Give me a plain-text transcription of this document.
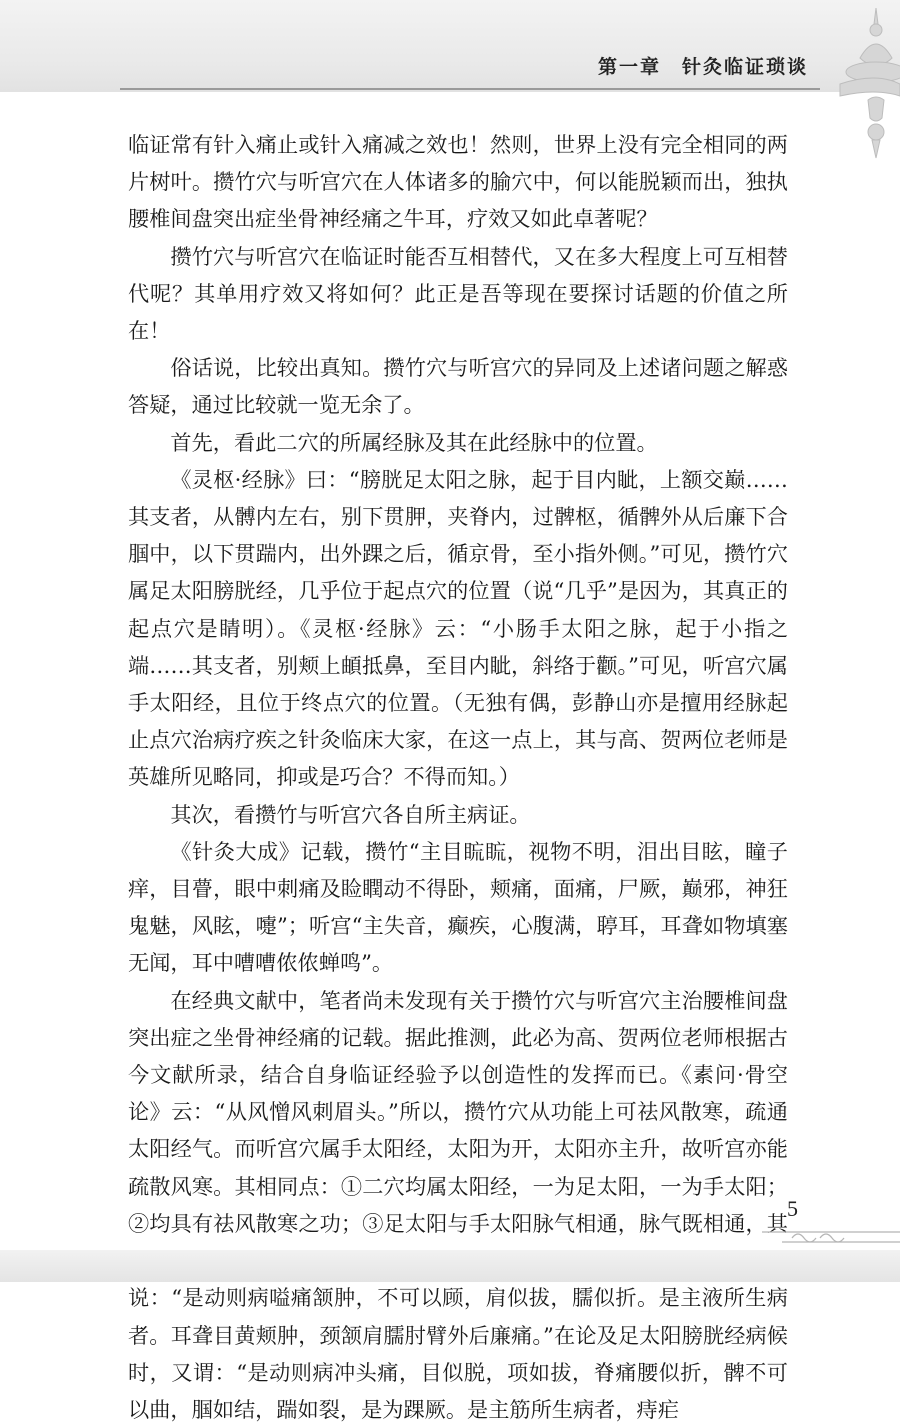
第一章　针灸临证琐谈

临证常有针入痛止或针入痛减之效也！然则，世界上没有完全相同的两片树叶。攒竹穴与听宫穴在人体诸多的腧穴中，何以能脱颖而出，独执腰椎间盘突出症坐骨神经痛之牛耳，疗效又如此卓著呢？

攒竹穴与听宫穴在临证时能否互相替代，又在多大程度上可互相替代呢？其单用疗效又将如何？此正是吾等现在要探讨话题的价值之所在！

俗话说，比较出真知。攒竹穴与听宫穴的异同及上述诸问题之解惑答疑，通过比较就一览无余了。

首先，看此二穴的所属经脉及其在此经脉中的位置。

《灵枢·经脉》曰：“膀胱足太阳之脉，起于目内眦，上额交巅……其支者，从髆内左右，别下贯胛，夹脊内，过髀枢，循髀外从后廉下合腘中，以下贯踹内，出外踝之后，循京骨，至小指外侧。”可见，攒竹穴属足太阳膀胱经，几乎位于起点穴的位置（说“几乎”是因为，其真正的起点穴是睛明）。《灵枢·经脉》云：“小肠手太阳之脉，起于小指之端……其支者，别颊上頔抵鼻，至目内眦，斜络于颧。”可见，听宫穴属手太阳经，且位于终点穴的位置。（无独有偶，彭静山亦是擅用经脉起止点穴治病疗疾之针灸临床大家，在这一点上，其与高、贺两位老师是英雄所见略同，抑或是巧合？不得而知。）

其次，看攒竹与听宫穴各自所主病证。

《针灸大成》记载，攒竹“主目䀮䀮，视物不明，泪出目眩，瞳子痒，目瞢，眼中刺痛及睑瞤动不得卧，颊痛，面痛，尸厥，巅邪，神狂鬼魅，风眩，嚏”；听宫“主失音，癫疾，心腹满，聤耳，耳聋如物填塞无闻，耳中嘈嘈侬侬蝉鸣”。

在经典文献中，笔者尚未发现有关于攒竹穴与听宫穴主治腰椎间盘突出症之坐骨神经痛的记载。据此推测，此必为高、贺两位老师根据古今文献所录，结合自身临证经验予以创造性的发挥而已。《素问·骨空论》云：“从风憎风刺眉头。”所以，攒竹穴从功能上可祛风散寒，疏通太阳经气。而听宫穴属手太阳经，太阳为开，太阳亦主升，故听宫亦能疏散风寒。其相同点：①二穴均属太阳经，一为足太阳，一为手太阳；②均具有祛风散寒之功；③足太阳与手太阳脉气相通，脉气既相通，其 说：“是动则病嗌痛颔肿，不可以顾，肩似拔，臑似折。是主液所生病者。耳聋目黄颊肿，颈颔肩臑肘臂外后廉痛。”在论及足太阳膀胱经病候时，又谓：“是动则病冲头痛，目似脱，项如拔，脊痛腰似折，髀不可以曲，腘如结，踹如裂，是为踝厥。是主筋所生病者，痔疟

5
